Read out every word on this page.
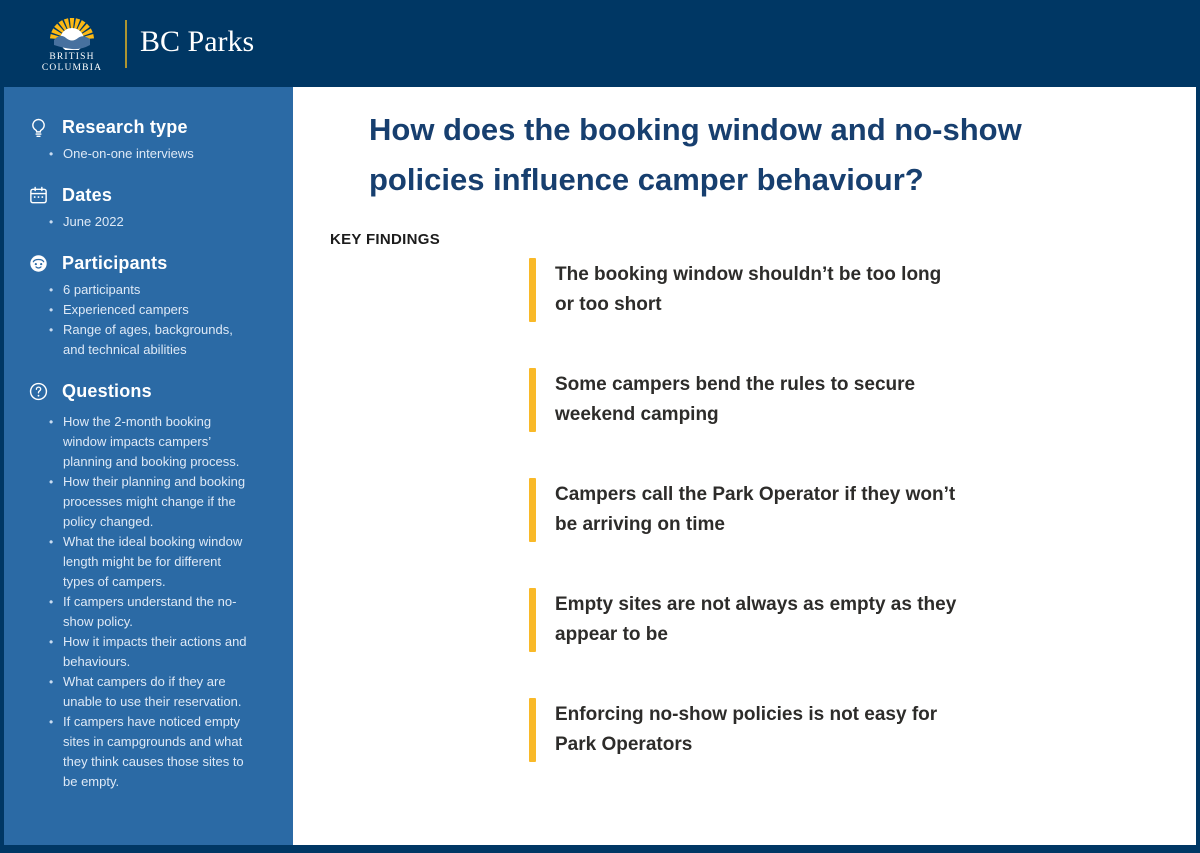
BRITISH
COLUMBIA
BC Parks
Research type
• One-on-one interviews
Dates
• June 2022
Participants
• 6 participants
• Experienced campers
• Range of ages, backgrounds, and technical abilities
Questions
• How the 2-month booking window impacts campers’ planning and booking process.
• How their planning and booking processes might change if the policy changed.
• What the ideal booking window length might be for different types of campers.
• If campers understand the no-show policy.
• How it impacts their actions and behaviours.
• What campers do if they are unable to use their reservation.
• If campers have noticed empty sites in campgrounds and what they think causes those sites to be empty.
How does the booking window and no-show policies influence camper behaviour?
KEY FINDINGS

The booking window shouldn’t be too long or too short

Some campers bend the rules to secure weekend camping

Campers call the Park Operator if they won’t be arriving on time

Empty sites are not always as empty as they appear to be

Enforcing no-show policies is not easy for Park Operators
